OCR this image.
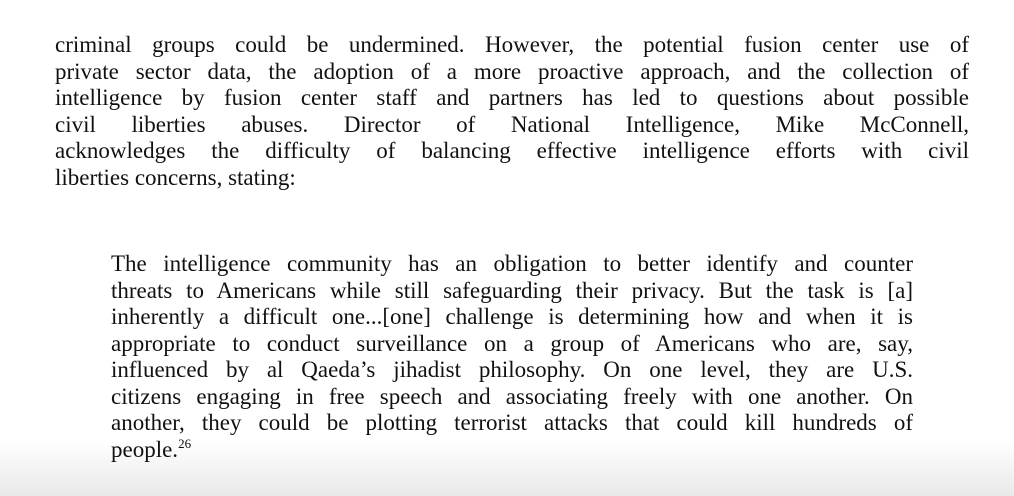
criminal groups could be undermined. However, the potential fusion center use of
private sector data, the adoption of a more proactive approach, and the collection of
intelligence by fusion center staff and partners has led to questions about possible
civil liberties abuses. Director of National Intelligence, Mike McConnell,
acknowledges the difficulty of balancing effective intelligence efforts with civil
liberties concerns, stating:

The intelligence community has an obligation to better identify and counter
threats to Americans while still safeguarding their privacy. But the task is [a]
inherently a difficult one...[one] challenge is determining how and when it is
appropriate to conduct surveillance on a group of Americans who are, say,
influenced by al Qaeda’s jihadist philosophy. On one level, they are U.S.
citizens engaging in free speech and associating freely with one another. On
another, they could be plotting terrorist attacks that could kill hundreds of
people.$^{26}$
